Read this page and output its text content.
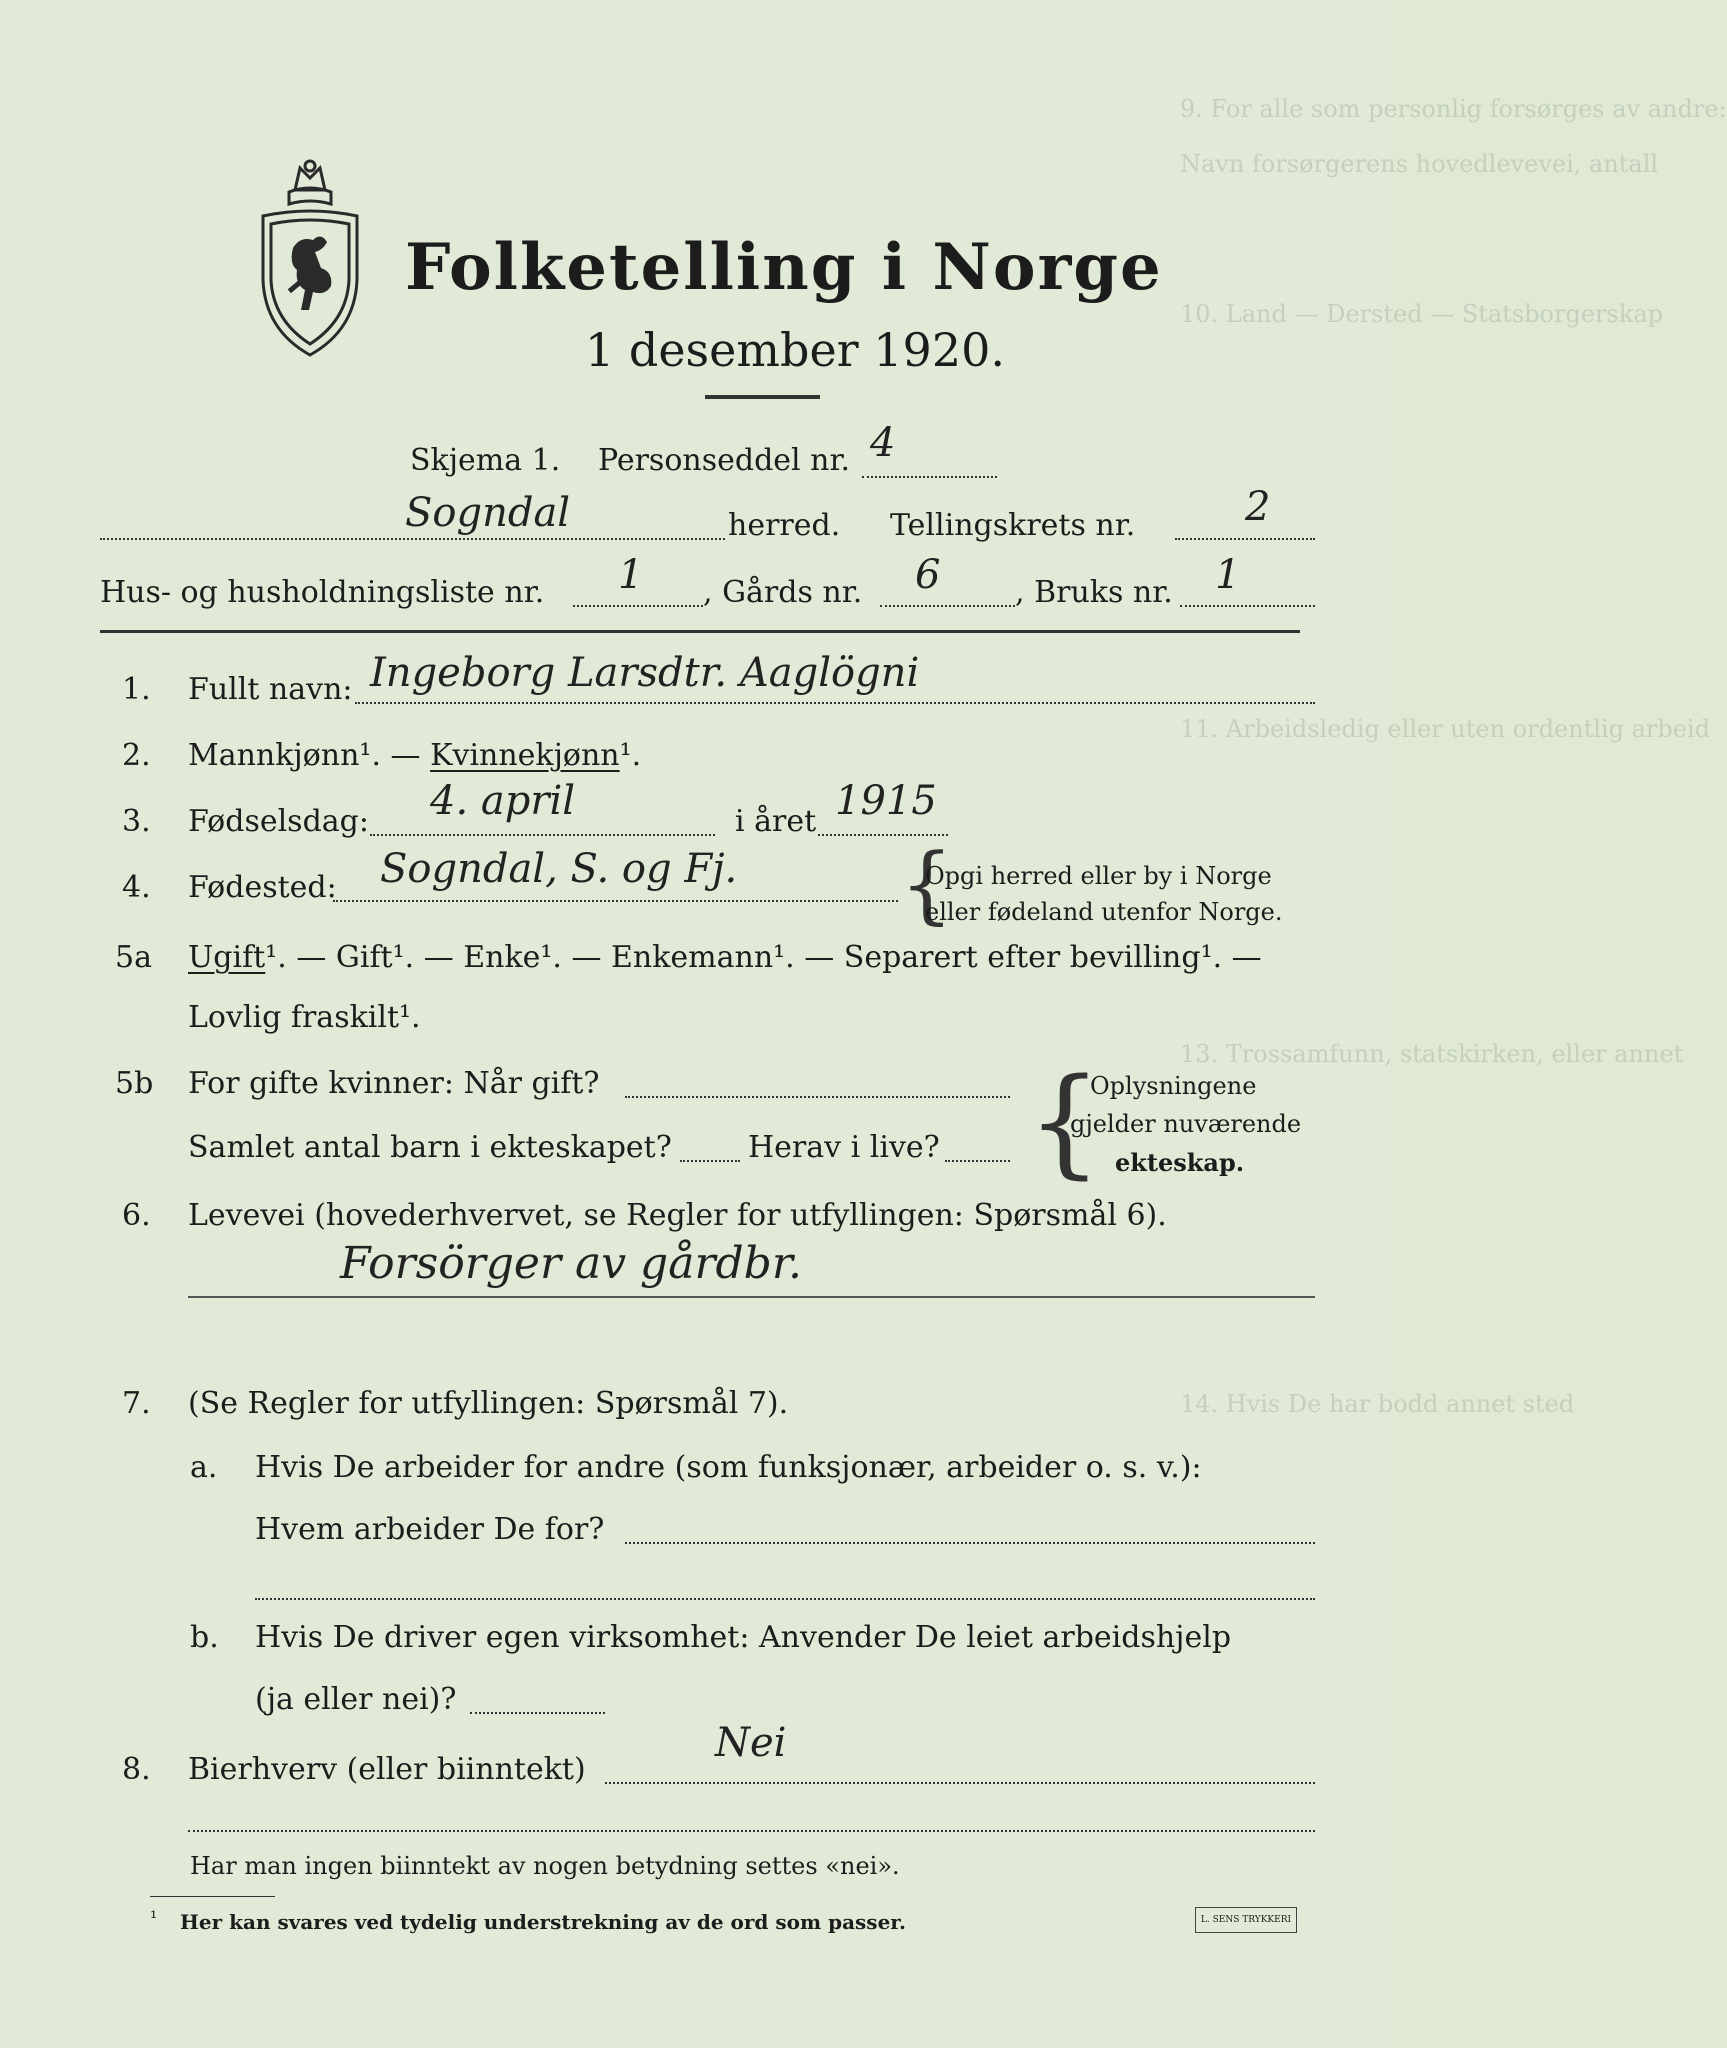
9. For alle som personlig forsørges av andre:
Navn forsørgerens hovedlevevei, antall
10. Land — Dersted — Statsborgerskap
11. Arbeidsledig eller uten ordentlig arbeid
13. Trossamfunn, statskirken, eller annet
14. Hvis De har bodd annet sted
Folketelling i Norge
1 desember 1920.
Skjema 1. Personseddel nr. 4
Sogndal	herred. Tellingskrets nr.	2
Hus- og husholdningsliste nr. 1 , Gårds nr. 6 , Bruks nr. 1
1. Fullt navn: Ingeborg Larsdtr. Aaglögni
2. Mannkjønn¹. — Kvinnekjønn¹.
3. Fødselsdag: 4. april	i året 1915
4. Fødested: Sogndal, S. og Fj. {
Opgi herred eller by i Norge
eller fødeland utenfor Norge.
5a Ugift¹. — Gift¹. — Enke¹. — Enkemann¹. — Separert efter bevilling¹. —
Lovlig fraskilt¹.
5b For gifte kvinner: Når gift?
Samlet antal barn i ekteskapet?	Herav i live? {
Oplysningene
gjelder nuværende
ekteskap.
6. Levevei (hovederhvervet, se Regler for utfyllingen: Spørsmål 6).
Forsörger av gårdbr.
7. (Se Regler for utfyllingen: Spørsmål 7).
a. Hvis De arbeider for andre (som funksjonær, arbeider o. s. v.):
Hvem arbeider De for?
b. Hvis De driver egen virksomhet: Anvender De leiet arbeidshjelp
(ja eller nei)?
8. Bierhverv (eller biinntekt)
Nei
Har man ingen biinntekt av nogen betydning settes «nei».
¹ Her kan svares ved tydelig understrekning av de ord som passer.	L. SENS TRYKKERI
